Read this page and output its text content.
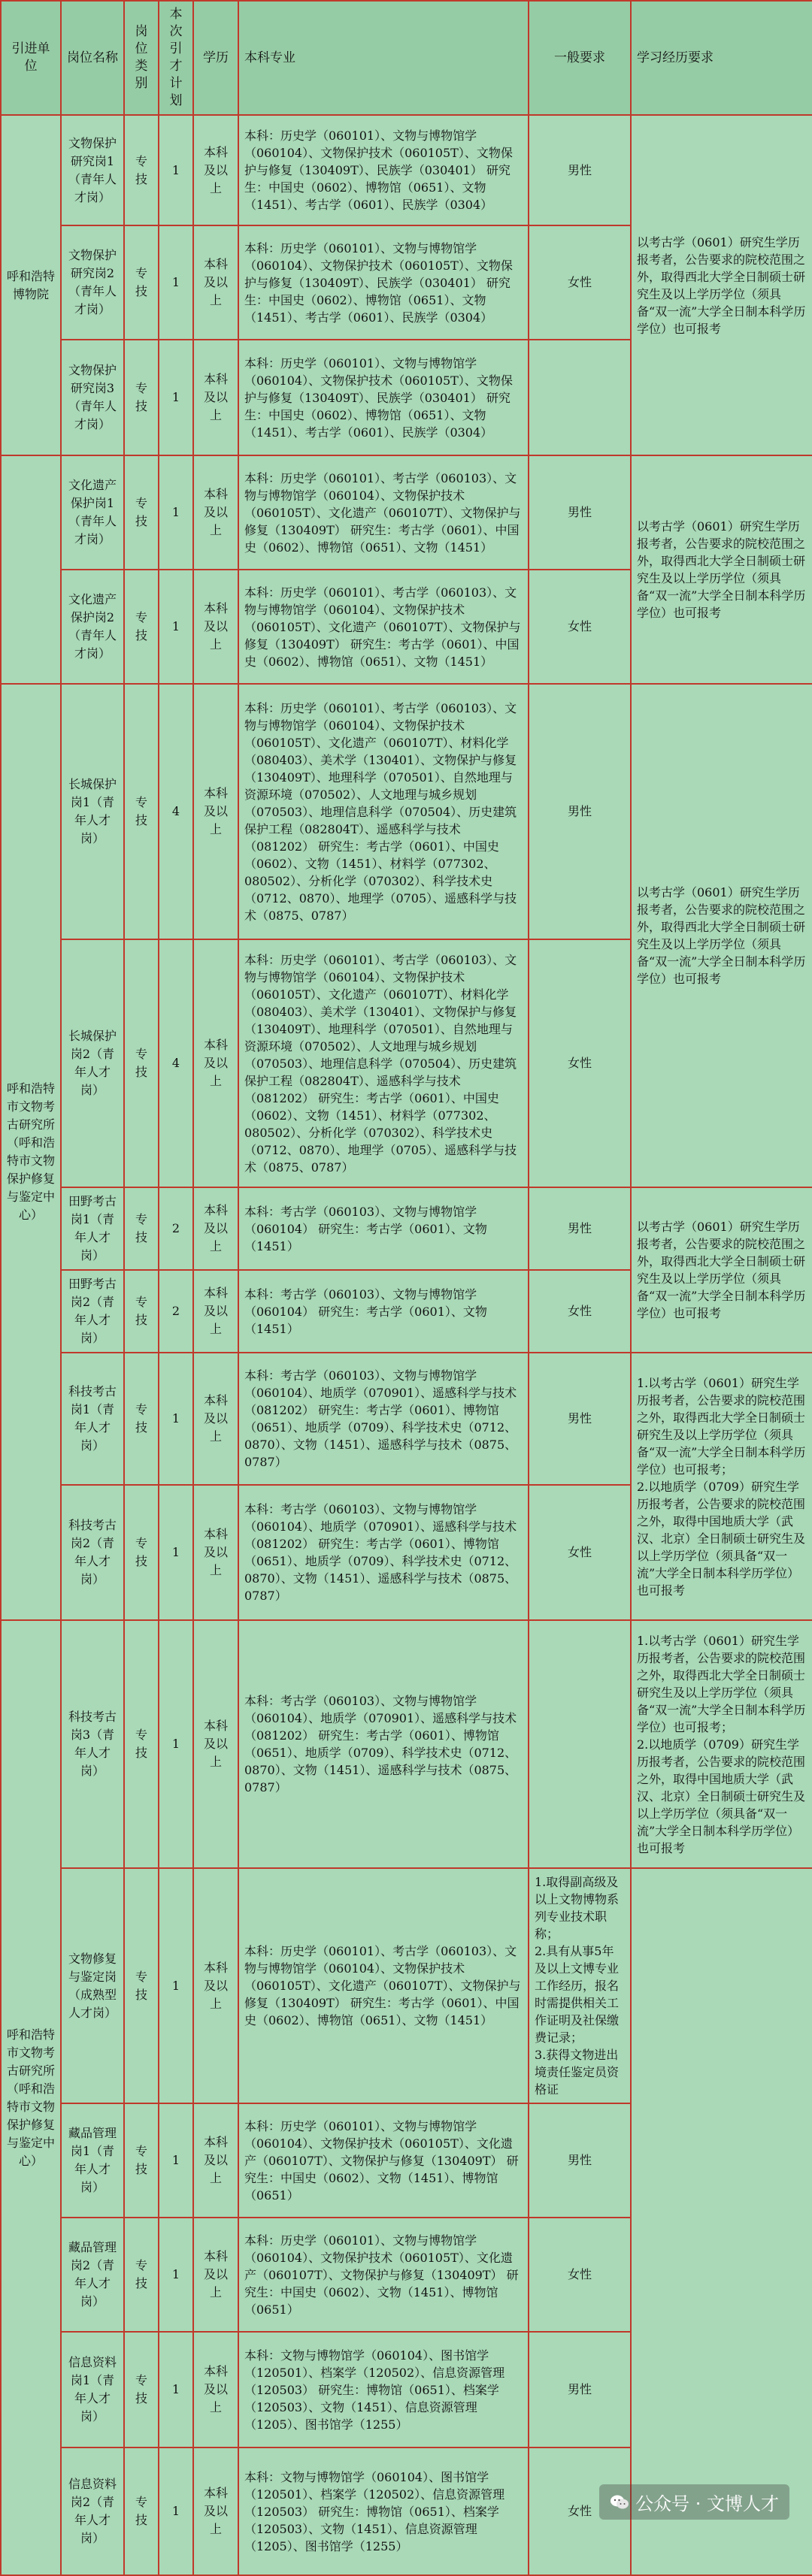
引进单位	岗位名称	岗位类别	本次引才计划	学历	本科专业	一般要求	学习经历要求
呼和浩特博物院	文物保护研究岗1（青年人才岗）	专技	1	本科及以上	本科：历史学（060101）、文物与博物馆学（060104）、文物保护技术（060105T）、文物保护与修复（130409T）、民族学（030401） 研究生：中国史（0602）、博物馆（0651）、文物（1451）、考古学（0601）、民族学（0304）	男性	以考古学（0601）研究生学历报考者，公告要求的院校范围之外，取得西北大学全日制硕士研究生及以上学历学位（须具备“双一流”大学全日制本科学历学位）也可报考
	文物保护研究岗2（青年人才岗）	专技	1	本科及以上	本科：历史学（060101）、文物与博物馆学（060104）、文物保护技术（060105T）、文物保护与修复（130409T）、民族学（030401） 研究生：中国史（0602）、博物馆（0651）、文物（1451）、考古学（0601）、民族学（0304）	女性	
	文物保护研究岗3（青年人才岗）	专技	1	本科及以上	本科：历史学（060101）、文物与博物馆学（060104）、文物保护技术（060105T）、文物保护与修复（130409T）、民族学（030401） 研究生：中国史（0602）、博物馆（0651）、文物（1451）、考古学（0601）、民族学（0304）		
	文化遗产保护岗1（青年人才岗）	专技	1	本科及以上	本科：历史学（060101）、考古学（060103）、文物与博物馆学（060104）、文物保护技术（060105T）、文化遗产（060107T）、文物保护与修复（130409T） 研究生：考古学（0601）、中国史（0602）、博物馆（0651）、文物（1451）	男性	以考古学（0601）研究生学历报考者，公告要求的院校范围之外，取得西北大学全日制硕士研究生及以上学历学位（须具备“双一流”大学全日制本科学历学位）也可报考
	文化遗产保护岗2（青年人才岗）	专技	1	本科及以上	本科：历史学（060101）、考古学（060103）、文物与博物馆学（060104）、文物保护技术（060105T）、文化遗产（060107T）、文物保护与修复（130409T） 研究生：考古学（0601）、中国史（0602）、博物馆（0651）、文物（1451）	女性	
呼和浩特市文物考古研究所（呼和浩特市文物保护修复与鉴定中心）	长城保护岗1（青年人才岗）	专技	4	本科及以上	本科：历史学（060101）、考古学（060103）、文物与博物馆学（060104）、文物保护技术（060105T）、文化遗产（060107T）、材料化学（080403）、美术学（130401）、文物保护与修复（130409T）、地理科学（070501）、自然地理与资源环境（070502）、人文地理与城乡规划（070503）、地理信息科学（070504）、历史建筑保护工程（082804T）、遥感科学与技术（081202） 研究生：考古学（0601）、中国史（0602）、文物（1451）、材料学（077302、080502）、分析化学（070302）、科学技术史（0712、0870）、地理学（0705）、遥感科学与技术（0875、0787）	男性	以考古学（0601）研究生学历报考者，公告要求的院校范围之外，取得西北大学全日制硕士研究生及以上学历学位（须具备“双一流”大学全日制本科学历学位）也可报考
	长城保护岗2（青年人才岗）	专技	4	本科及以上	本科：历史学（060101）、考古学（060103）、文物与博物馆学（060104）、文物保护技术（060105T）、文化遗产（060107T）、材料化学（080403）、美术学（130401）、文物保护与修复（130409T）、地理科学（070501）、自然地理与资源环境（070502）、人文地理与城乡规划（070503）、地理信息科学（070504）、历史建筑保护工程（082804T）、遥感科学与技术（081202） 研究生：考古学（0601）、中国史（0602）、文物（1451）、材料学（077302、080502）、分析化学（070302）、科学技术史（0712、0870）、地理学（0705）、遥感科学与技术（0875、0787）	女性	
	田野考古岗1（青年人才岗）	专技	2	本科及以上	本科：考古学（060103）、文物与博物馆学（060104） 研究生：考古学（0601）、文物（1451）	男性	以考古学（0601）研究生学历报考者，公告要求的院校范围之外，取得西北大学全日制硕士研究生及以上学历学位（须具备“双一流”大学全日制本科学历学位）也可报考
	田野考古岗2（青年人才岗）	专技	2	本科及以上	本科：考古学（060103）、文物与博物馆学（060104） 研究生：考古学（0601）、文物（1451）	女性	
	科技考古岗1（青年人才岗）	专技	1	本科及以上	本科：考古学（060103）、文物与博物馆学（060104）、地质学（070901）、遥感科学与技术（081202） 研究生：考古学（0601）、博物馆（0651）、地质学（0709）、科学技术史（0712、0870）、文物（1451）、遥感科学与技术（0875、0787）	男性	1.以考古学（0601）研究生学历报考者，公告要求的院校范围之外，取得西北大学全日制硕士研究生及以上学历学位（须具备“双一流”大学全日制本科学历学位）也可报考；
2.以地质学（0709）研究生学历报考者，公告要求的院校范围之外，取得中国地质大学（武汉、北京）全日制硕士研究生及以上学历学位（须具备“双一流”大学全日制本科学历学位）也可报考
	科技考古岗2（青年人才岗）	专技	1	本科及以上	本科：考古学（060103）、文物与博物馆学（060104）、地质学（070901）、遥感科学与技术（081202） 研究生：考古学（0601）、博物馆（0651）、地质学（0709）、科学技术史（0712、0870）、文物（1451）、遥感科学与技术（0875、0787）	女性	
呼和浩特市文物考古研究所（呼和浩特市文物保护修复与鉴定中心）	科技考古岗3（青年人才岗）	专技	1	本科及以上	本科：考古学（060103）、文物与博物馆学（060104）、地质学（070901）、遥感科学与技术（081202） 研究生：考古学（0601）、博物馆（0651）、地质学（0709）、科学技术史（0712、0870）、文物（1451）、遥感科学与技术（0875、0787）		1.以考古学（0601）研究生学历报考者，公告要求的院校范围之外，取得西北大学全日制硕士研究生及以上学历学位（须具备“双一流”大学全日制本科学历学位）也可报考；
2.以地质学（0709）研究生学历报考者，公告要求的院校范围之外，取得中国地质大学（武汉、北京）全日制硕士研究生及以上学历学位（须具备“双一流”大学全日制本科学历学位）也可报考
	文物修复与鉴定岗（成熟型人才岗）	专技	1	本科及以上	本科：历史学（060101）、考古学（060103）、文物与博物馆学（060104）、文物保护技术（060105T）、文化遗产（060107T）、文物保护与修复（130409T） 研究生：考古学（0601）、中国史（0602）、博物馆（0651）、文物（1451）	1.取得副高级及以上文物博物系列专业技术职称；
2.具有从事5年及以上文博专业工作经历，报名时需提供相关工作证明及社保缴费记录；
3.获得文物进出境责任鉴定员资格证	
	藏品管理岗1（青年人才岗）	专技	1	本科及以上	本科：历史学（060101）、文物与博物馆学（060104）、文物保护技术（060105T）、文化遗产（060107T）、文物保护与修复（130409T） 研究生：中国史（0602）、文物（1451）、博物馆（0651）	男性	
	藏品管理岗2（青年人才岗）	专技	1	本科及以上	本科：历史学（060101）、文物与博物馆学（060104）、文物保护技术（060105T）、文化遗产（060107T）、文物保护与修复（130409T） 研究生：中国史（0602）、文物（1451）、博物馆（0651）	女性	
	信息资料岗1（青年人才岗）	专技	1	本科及以上	本科：文物与博物馆学（060104）、图书馆学（120501）、档案学（120502）、信息资源管理（120503） 研究生：博物馆（0651）、档案学（120503）、文物（1451）、信息资源管理（1205）、图书馆学（1255）	男性	
	信息资料岗2（青年人才岗）	专技	1	本科及以上	本科：文物与博物馆学（060104）、图书馆学（120501）、档案学（120502）、信息资源管理（120503） 研究生：博物馆（0651）、档案学（120503）、文物（1451）、信息资源管理（1205）、图书馆学（1255）	女性	公众号 · 文博人才
